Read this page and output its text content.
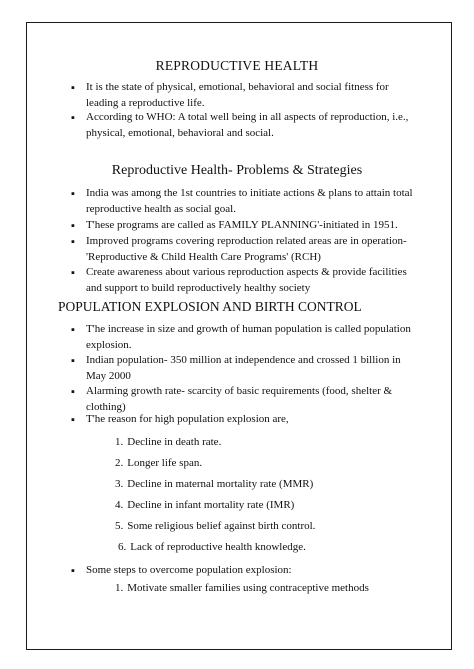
REPRODUCTIVE HEALTH
▪

It is the state of physical, emotional, behavioral and social fitness for leading a reproductive life.

▪

According to WHO: A total well being in all aspects of reproduction, i.e., physical, emotional, behavioral and social.

Reproductive Health- Problems & Strategies
▪

India was among the 1st countries to initiate actions & plans to attain total reproductive health as social goal.

▪

T'hese programs are called as FAMILY PLANNING'-initiated in 1951.

▪

Improved programs covering reproduction related areas are in operation- 'Reproductive & Child Health Care Programs' (RCH)

▪

Create awareness about various reproduction aspects & provide facilities and support to build reproductively healthy society

POPULATION EXPLOSION AND BIRTH CONTROL
▪

T'he increase in size and growth of human population is called population explosion.

▪

Indian population- 350 million at independence and crossed 1 billion in May 2000

▪

Alarming growth rate- scarcity of basic requirements (food, shelter & clothing)

▪

T'he reason for high population explosion are,

1. Decline in death rate.

2. Longer life span.

3. Decline in maternal mortality rate (MMR)

4. Decline in infant mortality rate (IMR)

5. Some religious belief against birth control.

6. Lack of reproductive health knowledge.

▪

Some steps to overcome population explosion:

1. Motivate smaller families using contraceptive methods
